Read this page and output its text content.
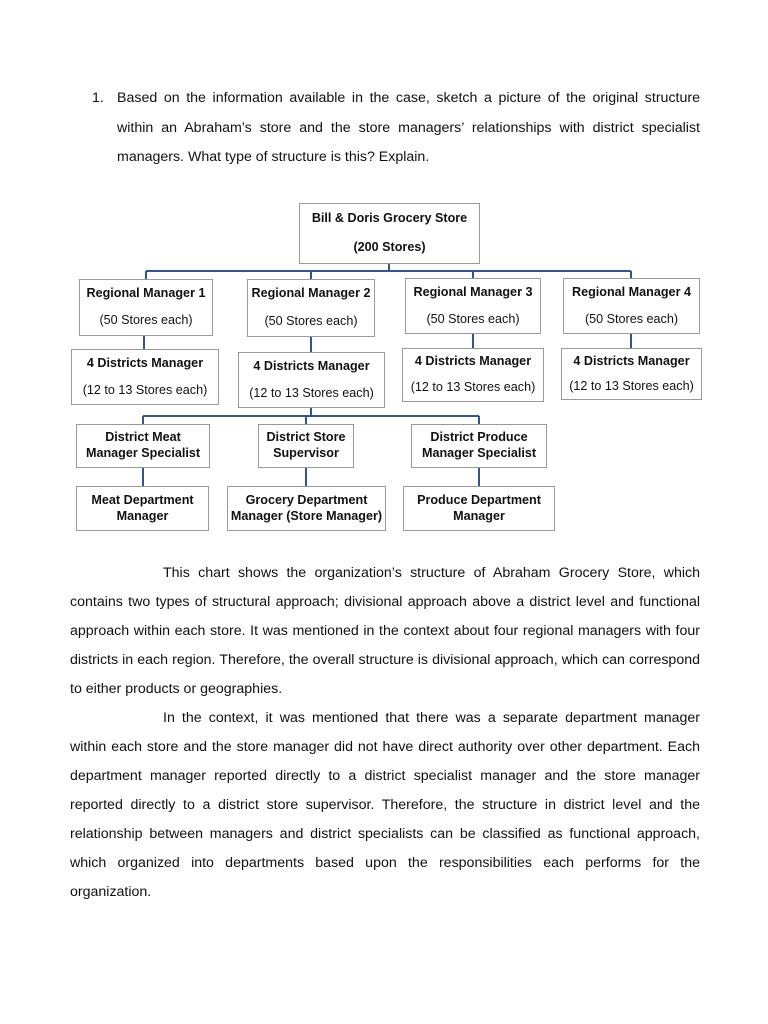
1. Based on the information available in the case, sketch a picture of the original structure within an Abraham’s store and the store managers’ relationships with district specialist managers. What type of structure is this? Explain.
Bill & Doris Grocery Store
(200 Stores)
Regional Manager 1
(50 Stores each)
Regional Manager 2
(50 Stores each)
Regional Manager 3
(50 Stores each)
Regional Manager 4
(50 Stores each)
4 Districts Manager
(12 to 13 Stores each)
4 Districts Manager
(12 to 13 Stores each)
4 Districts Manager
(12 to 13 Stores each)
4 Districts Manager
(12 to 13 Stores each)
District Meat
Manager Specialist
District Store
Supervisor
District Produce
Manager Specialist
Meat Department
Manager
Grocery Department
Manager (Store Manager)
Produce Department
Manager
This chart shows the organization’s structure of Abraham Grocery Store, which contains two types of structural approach; divisional approach above a district level and functional approach within each store. It was mentioned in the context about four regional managers with four districts in each region. Therefore, the overall structure is divisional approach, which can correspond to either products or geographies.
In the context, it was mentioned that there was a separate department manager within each store and the store manager did not have direct authority over other department. Each department manager reported directly to a district specialist manager and the store manager reported directly to a district store supervisor. Therefore, the structure in district level and the relationship between managers and district specialists can be classified as functional approach, which organized into departments based upon the responsibilities each performs for the organization.
